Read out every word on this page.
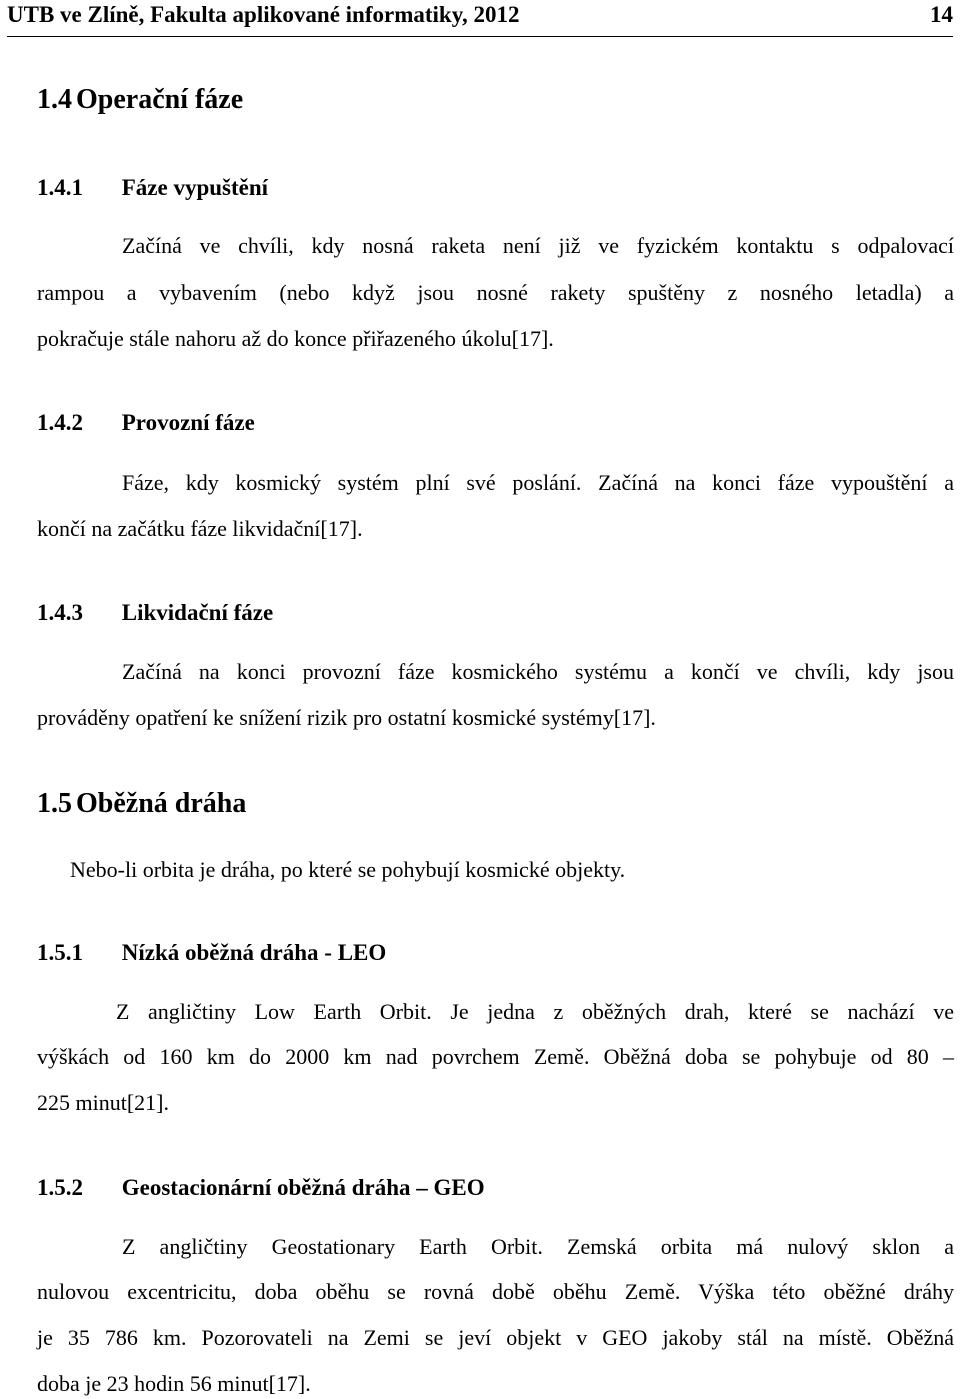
UTB ve Zlíně, Fakulta aplikované informatiky, 2012	14
1.4 Operační fáze
1.4.1 Fáze vypuštění
Začíná ve chvíli, kdy nosná raketa není již ve fyzickém kontaktu s odpalovací
rampou a vybavením (nebo když jsou nosné rakety spuštěny z nosného letadla) a
pokračuje stále nahoru až do konce přiřazeného úkolu[17].
1.4.2 Provozní fáze
Fáze, kdy kosmický systém plní své poslání. Začíná na konci fáze vypouštění a
končí na začátku fáze likvidační[17].
1.4.3 Likvidační fáze
Začíná na konci provozní fáze kosmického systému a končí ve chvíli, kdy jsou
prováděny opatření ke snížení rizik pro ostatní kosmické systémy[17].
1.5 Oběžná dráha
Nebo-li orbita je dráha, po které se pohybují kosmické objekty.
1.5.1 Nízká oběžná dráha - LEO
Z angličtiny Low Earth Orbit. Je jedna z oběžných drah, které se nachází ve
výškách od 160 km do 2000 km nad povrchem Země. Oběžná doba se pohybuje od 80 –
225 minut[21].
1.5.2 Geostacionární oběžná dráha – GEO
Z angličtiny Geostationary Earth Orbit. Zemská orbita má nulový sklon a
nulovou excentricitu, doba oběhu se rovná době oběhu Země. Výška této oběžné dráhy
je 35 786 km. Pozorovateli na Zemi se jeví objekt v GEO jakoby stál na místě. Oběžná
doba je 23 hodin 56 minut[17].
